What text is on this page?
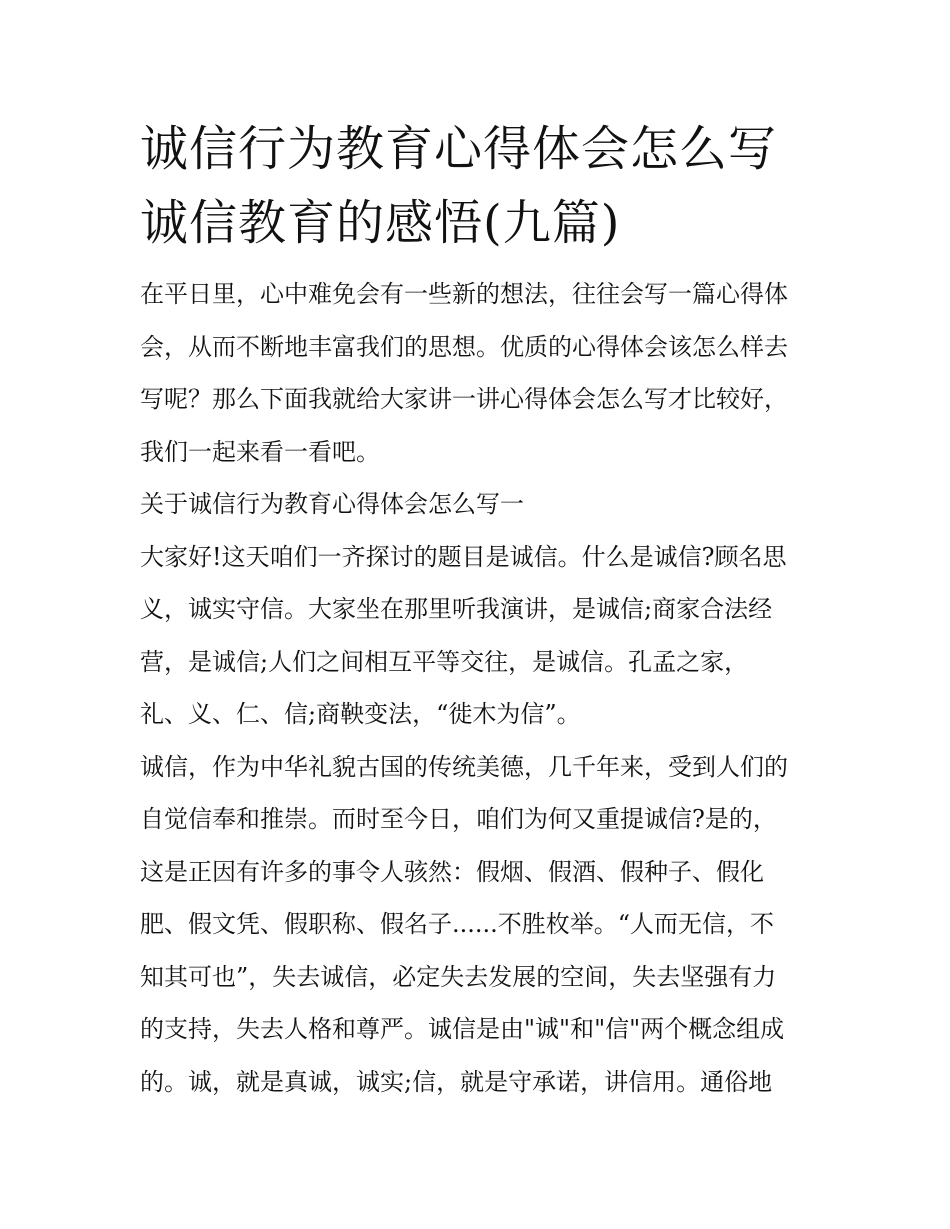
诚信行为教育心得体会怎么写
诚信教育的感悟(九篇)

在平日里，心中难免会有一些新的想法，往往会写一篇心得体
会，从而不断地丰富我们的思想。优质的心得体会该怎么样去
写呢？那么下面我就给大家讲一讲心得体会怎么写才比较好，
我们一起来看一看吧。

关于诚信行为教育心得体会怎么写一

大家好!这天咱们一齐探讨的题目是诚信。什么是诚信?顾名思
义，诚实守信。大家坐在那里听我演讲，是诚信;商家合法经
营，是诚信;人们之间相互平等交往，是诚信。孔孟之家，
礼、义、仁、信;商鞅变法，“徙木为信”。

诚信，作为中华礼貌古国的传统美德，几千年来，受到人们的
自觉信奉和推崇。而时至今日，咱们为何又重提诚信?是的，
这是正因有许多的事令人骇然：假烟、假酒、假种子、假化
肥、假文凭、假职称、假名子......不胜枚举。“人而无信，不
知其可也”，失去诚信，必定失去发展的空间，失去坚强有力
的支持，失去人格和尊严。诚信是由"诚"和"信"两个概念组成
的。诚，就是真诚，诚实;信，就是守承诺，讲信用。通俗地
